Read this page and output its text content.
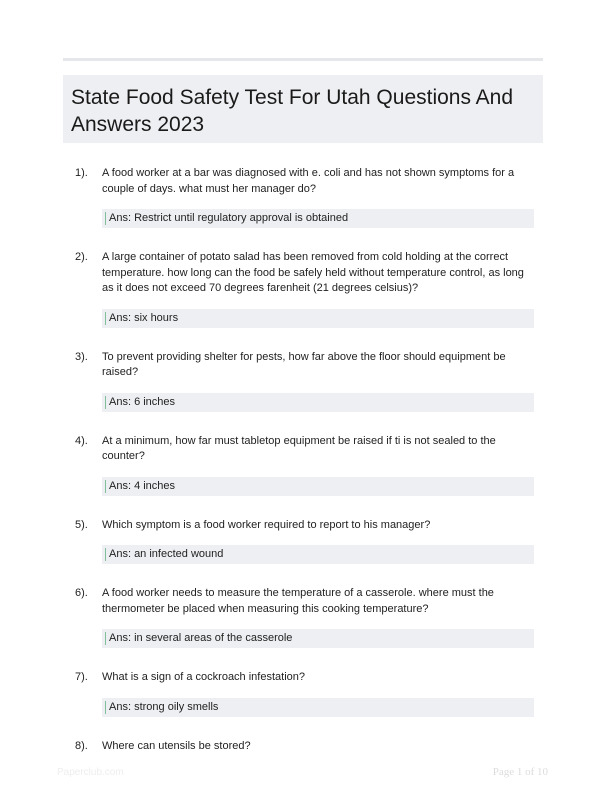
State Food Safety Test For Utah Questions And Answers 2023
1). A food worker at a bar was diagnosed with e. coli and has not shown symptoms for a couple of days. what must her manager do?
Ans: Restrict until regulatory approval is obtained
2). A large container of potato salad has been removed from cold holding at the correct temperature. how long can the food be safely held without temperature control, as long as it does not exceed 70 degrees farenheit (21 degrees celsius)?
Ans: six hours
3). To prevent providing shelter for pests, how far above the floor should equipment be raised?
Ans: 6 inches
4). At a minimum, how far must tabletop equipment be raised if ti is not sealed to the counter?
Ans: 4 inches
5). Which symptom is a food worker required to report to his manager?
Ans: an infected wound
6). A food worker needs to measure the temperature of a casserole. where must the thermometer be placed when measuring this cooking temperature?
Ans: in several areas of the casserole
7). What is a sign of a cockroach infestation?
Ans: strong oily smells
8). Where can utensils be stored?
Paperclub.com	Page 1 of 10
